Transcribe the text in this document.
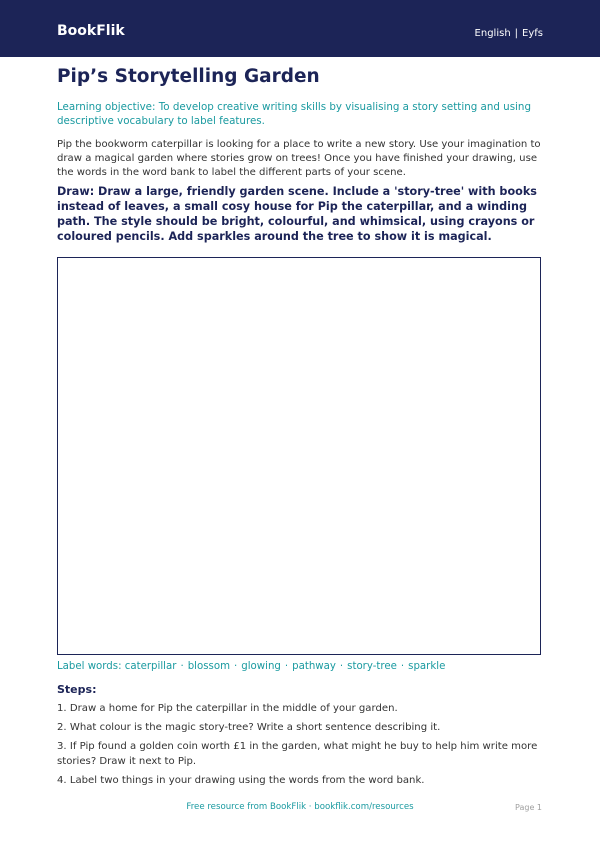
BookFlik	English | Eyfs
Pip’s Storytelling Garden
Learning objective: To develop creative writing skills by visualising a story setting and using descriptive vocabulary to label features.
Pip the bookworm caterpillar is looking for a place to write a new story. Use your imagination to draw a magical garden where stories grow on trees! Once you have finished your drawing, use the words in the word bank to label the different parts of your scene.
Draw: Draw a large, friendly garden scene. Include a 'story-tree' with books instead of leaves, a small cosy house for Pip the caterpillar, and a winding path. The style should be bright, colourful, and whimsical, using crayons or coloured pencils. Add sparkles around the tree to show it is magical.
Label words: caterpillar · blossom · glowing · pathway · story-tree · sparkle
Steps:
1. Draw a home for Pip the caterpillar in the middle of your garden.
2. What colour is the magic story-tree? Write a short sentence describing it.
3. If Pip found a golden coin worth £1 in the garden, what might he buy to help him write more stories? Draw it next to Pip.
4. Label two things in your drawing using the words from the word bank.
Free resource from BookFlik · bookflik.com/resources	Page 1
